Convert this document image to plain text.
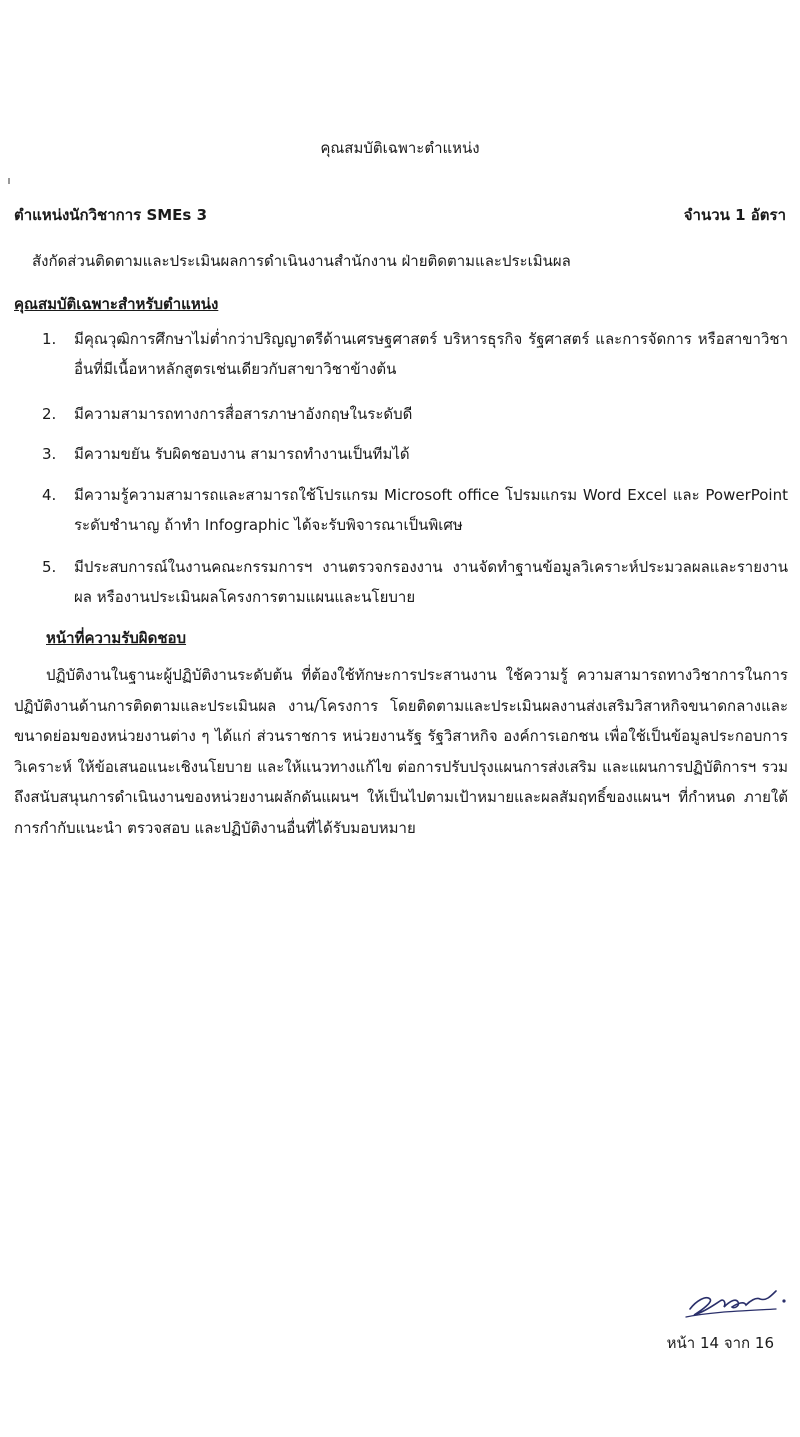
คุณสมบัติเฉพาะตำแหน่ง
ตำแหน่งนักวิชาการ SMEs 3	จำนวน 1 อัตรา
สังกัดส่วนติดตามและประเมินผลการดำเนินงานสำนักงาน ฝ่ายติดตามและประเมินผล
คุณสมบัติเฉพาะสำหรับตำแหน่ง
1. มีคุณวุฒิการศึกษาไม่ต่ำกว่าปริญญาตรีด้านเศรษฐศาสตร์ บริหารธุรกิจ รัฐศาสตร์ และการจัดการ หรือสาขาวิชาอื่นที่มีเนื้อหาหลักสูตรเช่นเดียวกับสาขาวิชาข้างต้น
2. มีความสามารถทางการสื่อสารภาษาอังกฤษในระดับดี
3. มีความขยัน รับผิดชอบงาน สามารถทำงานเป็นทีมได้
4. มีความรู้ความสามารถและสามารถใช้โปรแกรม Microsoft office โปรมแกรม Word Excel และ PowerPoint ระดับชำนาญ ถ้าทำ Infographic ได้จะรับพิจารณาเป็นพิเศษ
5. มีประสบการณ์ในงานคณะกรรมการฯ งานตรวจกรองงาน งานจัดทำฐานข้อมูลวิเคราะห์ประมวลผลและรายงานผล หรืองานประเมินผลโครงการตามแผนและนโยบาย
หน้าที่ความรับผิดชอบ
ปฏิบัติงานในฐานะผู้ปฏิบัติงานระดับต้น ที่ต้องใช้ทักษะการประสานงาน ใช้ความรู้ ความสามารถทางวิชาการในการปฏิบัติงานด้านการติดตามและประเมินผล งาน/โครงการ โดยติดตามและประเมินผลงานส่งเสริมวิสาหกิจขนาดกลางและขนาดย่อมของหน่วยงานต่าง ๆ ได้แก่ ส่วนราชการ หน่วยงานรัฐ รัฐวิสาหกิจ องค์การเอกชน เพื่อใช้เป็นข้อมูลประกอบการวิเคราะห์ ให้ข้อเสนอแนะเชิงนโยบาย และให้แนวทางแก้ไข ต่อการปรับปรุงแผนการส่งเสริม และแผนการปฏิบัติการฯ รวมถึงสนับสนุนการดำเนินงานของหน่วยงานผลักดันแผนฯ ให้เป็นไปตามเป้าหมายและผลสัมฤทธิ์ของแผนฯ ที่กำหนด ภายใต้การกำกับแนะนำ ตรวจสอบ และปฏิบัติงานอื่นที่ได้รับมอบหมาย
หน้า 14 จาก 16
